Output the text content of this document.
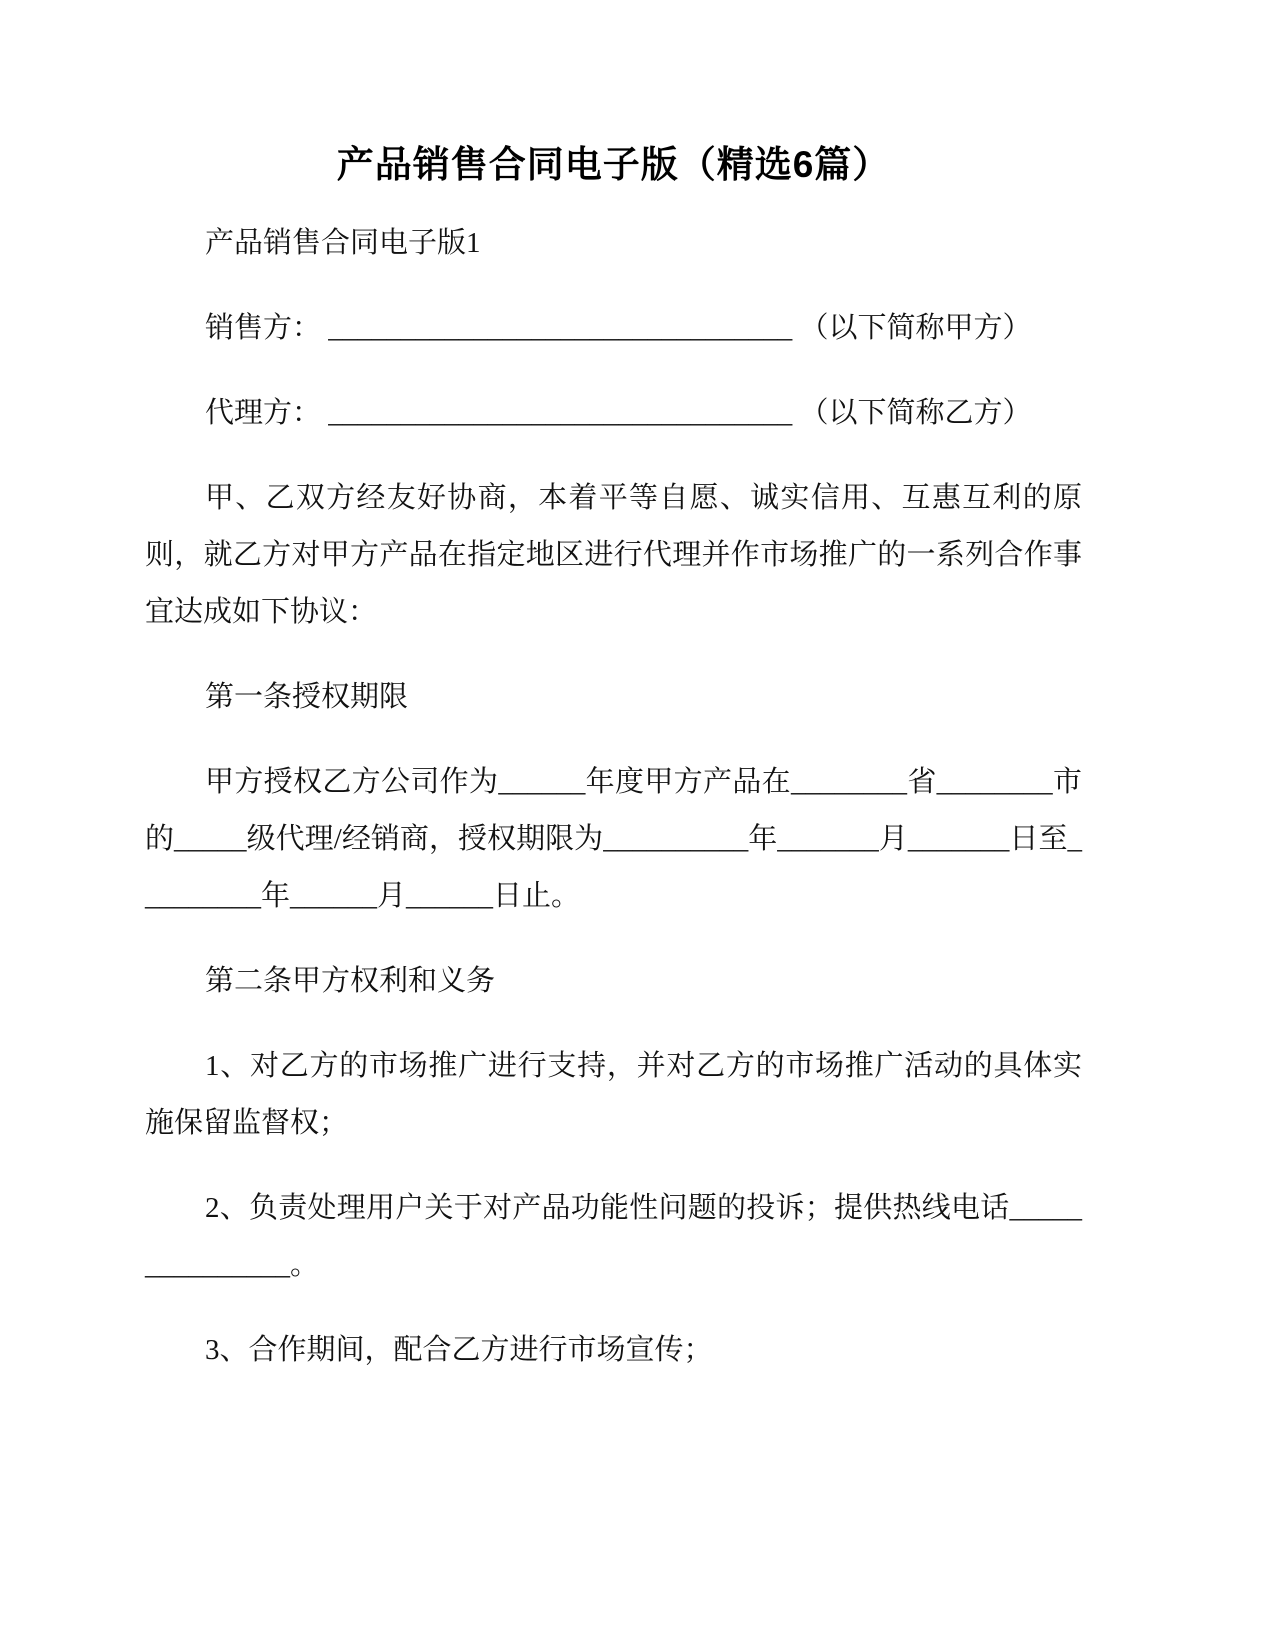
产品销售合同电子版（精选6篇）

产品销售合同电子版1

销售方： ________________________________ （以下简称甲方）

代理方： ________________________________ （以下简称乙方）

甲、乙双方经友好协商，本着平等自愿、诚实信用、互惠互利的原则，就乙方对甲方产品在指定地区进行代理并作市场推广的一系列合作事宜达成如下协议：

第一条授权期限

甲方授权乙方公司作为______年度甲方产品在________省________市的_____级代理/经销商，授权期限为__________年_______月_______日至_________年______月______日止。

第二条甲方权利和义务

1、对乙方的市场推广进行支持，并对乙方的市场推广活动的具体实施保留监督权；

2、负责处理用户关于对产品功能性问题的投诉；提供热线电话_______________。

3、合作期间，配合乙方进行市场宣传；
